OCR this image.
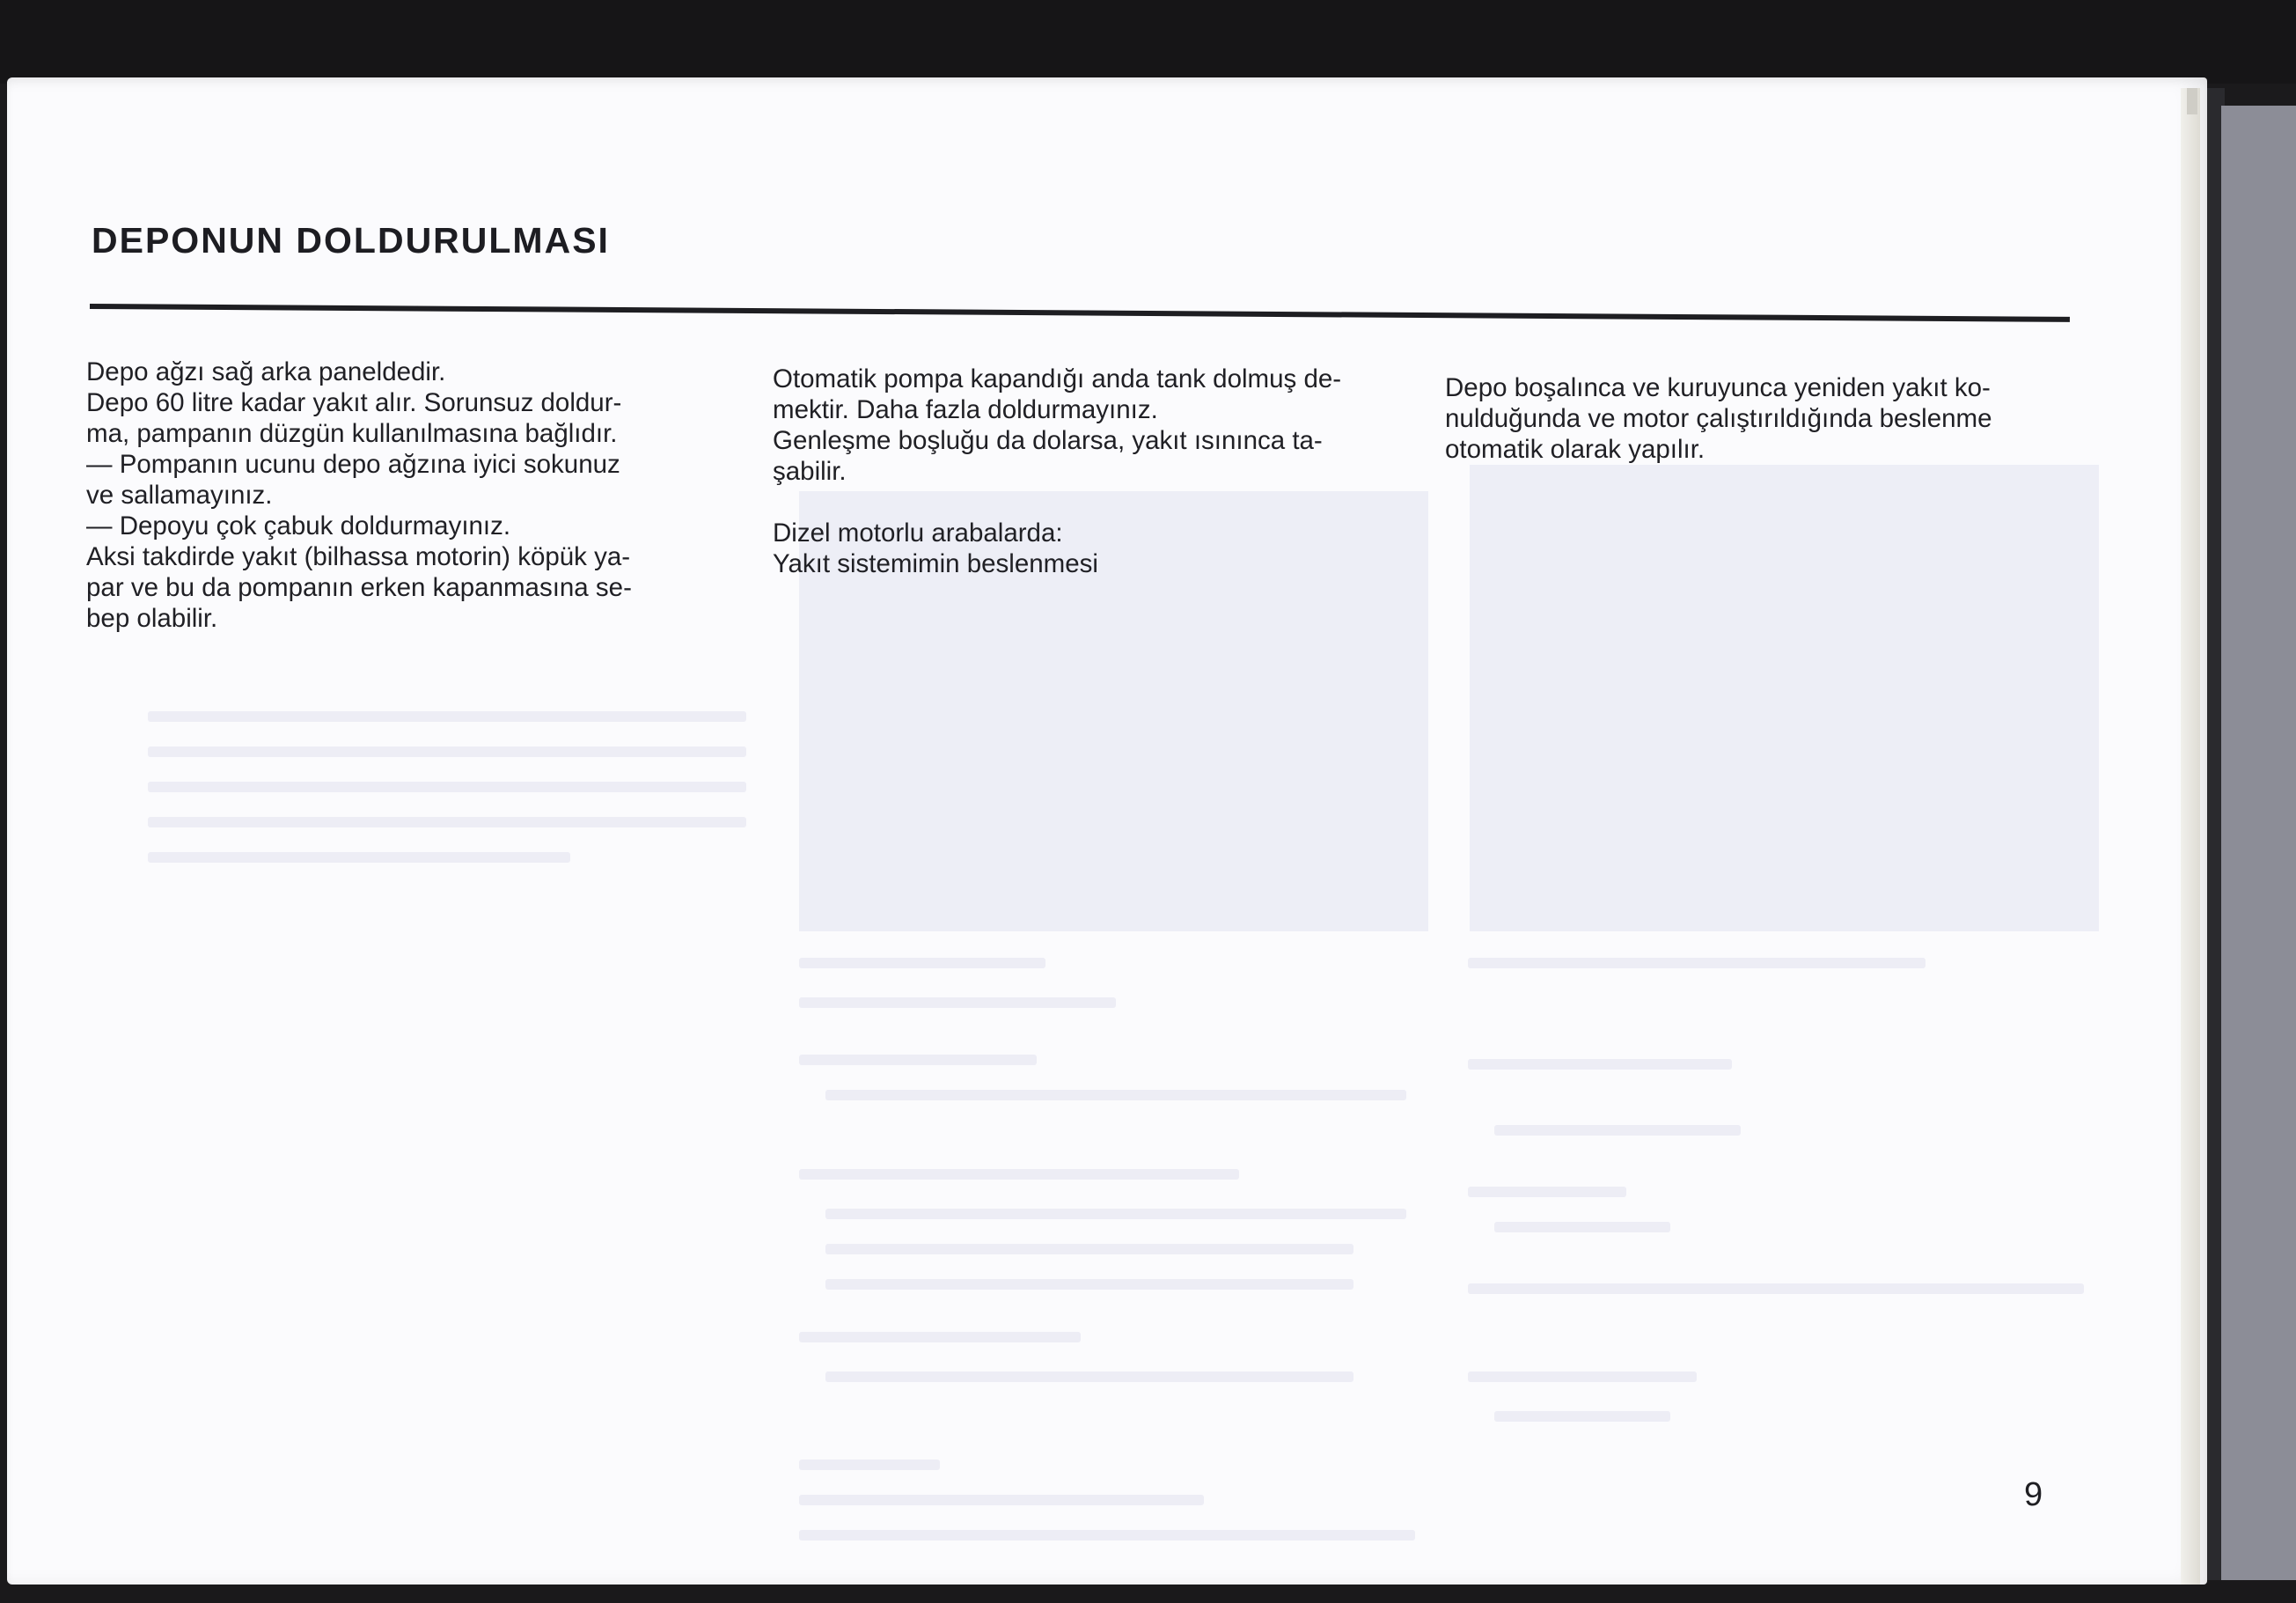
DEPONUN DOLDURULMASI
Depo ağzı sağ arka paneldedir.
Depo 60 litre kadar yakıt alır. Sorunsuz doldur-
ma, pampanın düzgün kullanılmasına bağlıdır.
— Pompanın ucunu depo ağzına iyici sokunuz
ve sallamayınız.
— Depoyu çok çabuk doldurmayınız.
Aksi takdirde yakıt (bilhassa motorin) köpük ya-
par ve bu da pompanın erken kapanmasına se-
bep olabilir.
Otomatik pompa kapandığı anda tank dolmuş de-
mektir. Daha fazla doldurmayınız.
Genleşme boşluğu da dolarsa, yakıt ısınınca ta-
şabilir.
Dizel motorlu arabalarda:
Yakıt sistemimin beslenmesi
Depo boşalınca ve kuruyunca yeniden yakıt ko-
nulduğunda ve motor çalıştırıldığında beslenme
otomatik olarak yapılır.
9
